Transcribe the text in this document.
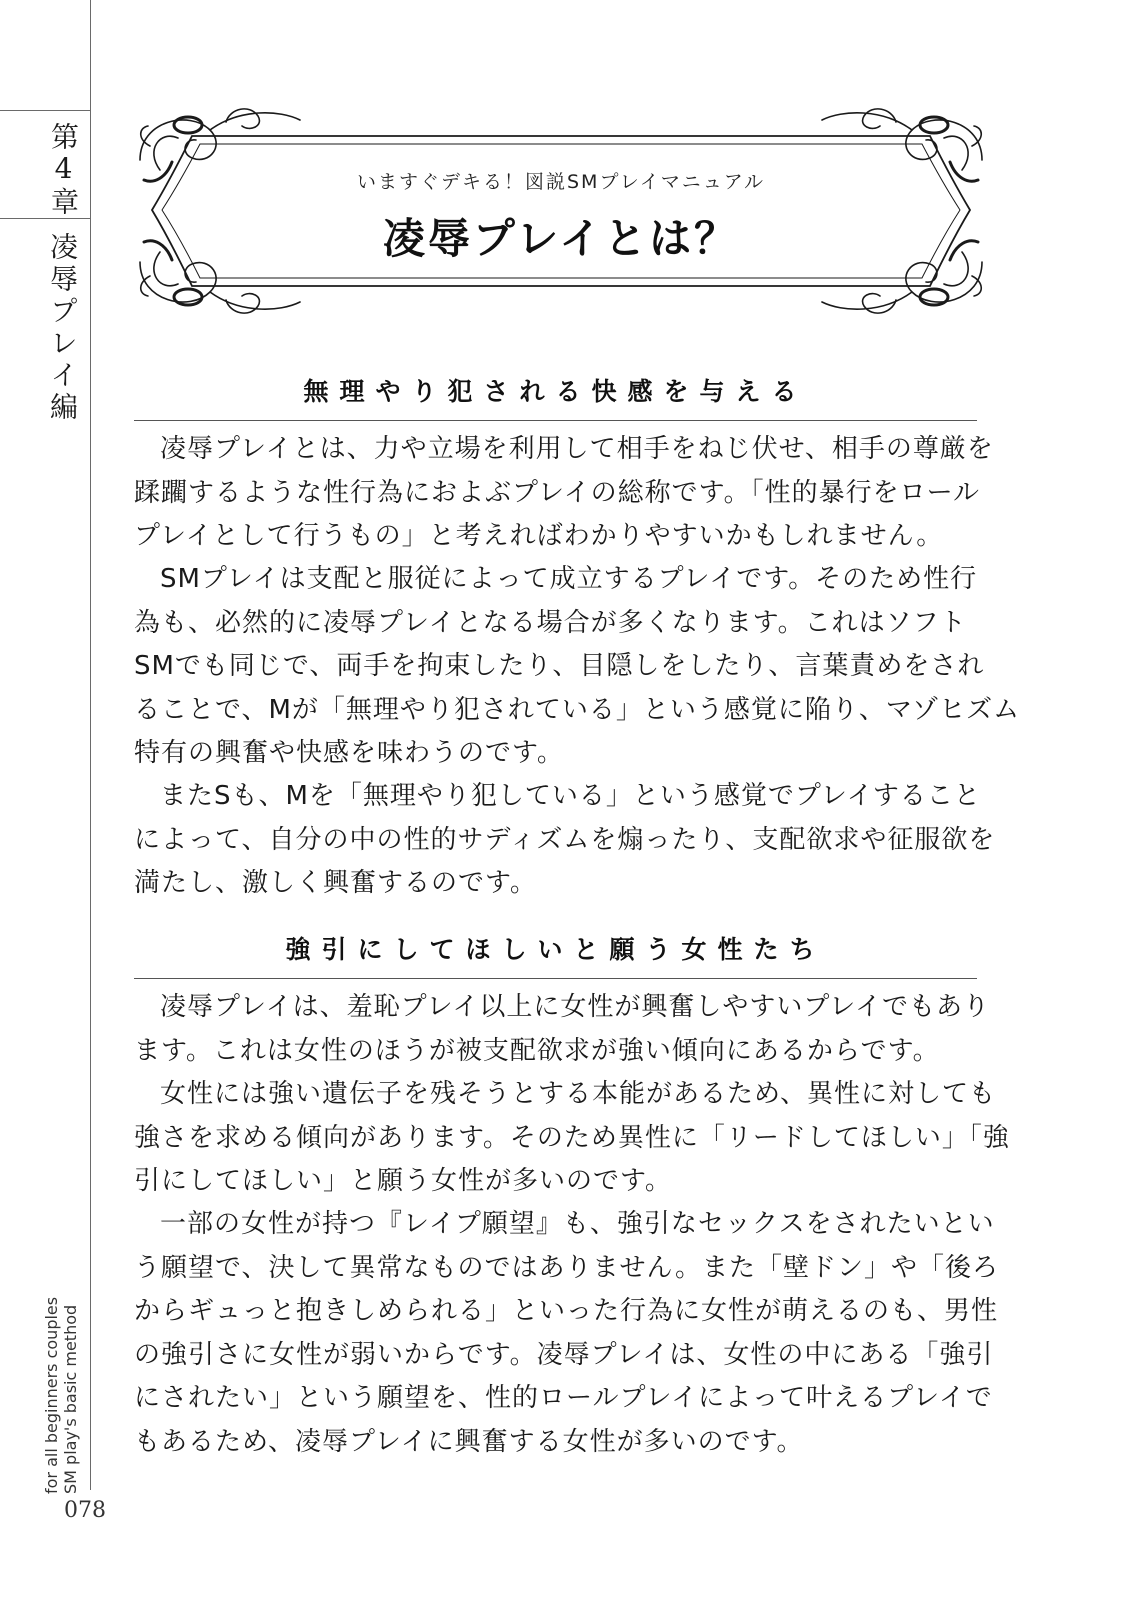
第4章
凌辱プレイ編
SM play's basic method
for all beginners couples
078
いますぐデキる！図説SMプレイマニュアル
凌辱プレイとは？
無理やり犯される快感を与える
凌辱プレイとは、力や立場を利用して相手をねじ伏せ、相手の尊厳を
蹂躙するような性行為におよぶプレイの総称です。「性的暴行をロール
プレイとして行うもの」と考えればわかりやすいかもしれません。
SMプレイは支配と服従によって成立するプレイです。そのため性行
為も、必然的に凌辱プレイとなる場合が多くなります。これはソフト
SMでも同じで、両手を拘束したり、目隠しをしたり、言葉責めをされ
ることで、Mが「無理やり犯されている」という感覚に陥り、マゾヒズム
特有の興奮や快感を味わうのです。
またSも、Mを「無理やり犯している」という感覚でプレイすること
によって、自分の中の性的サディズムを煽ったり、支配欲求や征服欲を
満たし、激しく興奮するのです。
強引にしてほしいと願う女性たち
凌辱プレイは、羞恥プレイ以上に女性が興奮しやすいプレイでもあり
ます。これは女性のほうが被支配欲求が強い傾向にあるからです。
女性には強い遺伝子を残そうとする本能があるため、異性に対しても
強さを求める傾向があります。そのため異性に「リードしてほしい」「強
引にしてほしい」と願う女性が多いのです。
一部の女性が持つ『レイプ願望』も、強引なセックスをされたいとい
う願望で、決して異常なものではありません。また「壁ドン」や「後ろ
からギュっと抱きしめられる」といった行為に女性が萌えるのも、男性
の強引さに女性が弱いからです。凌辱プレイは、女性の中にある「強引
にされたい」という願望を、性的ロールプレイによって叶えるプレイで
もあるため、凌辱プレイに興奮する女性が多いのです。
